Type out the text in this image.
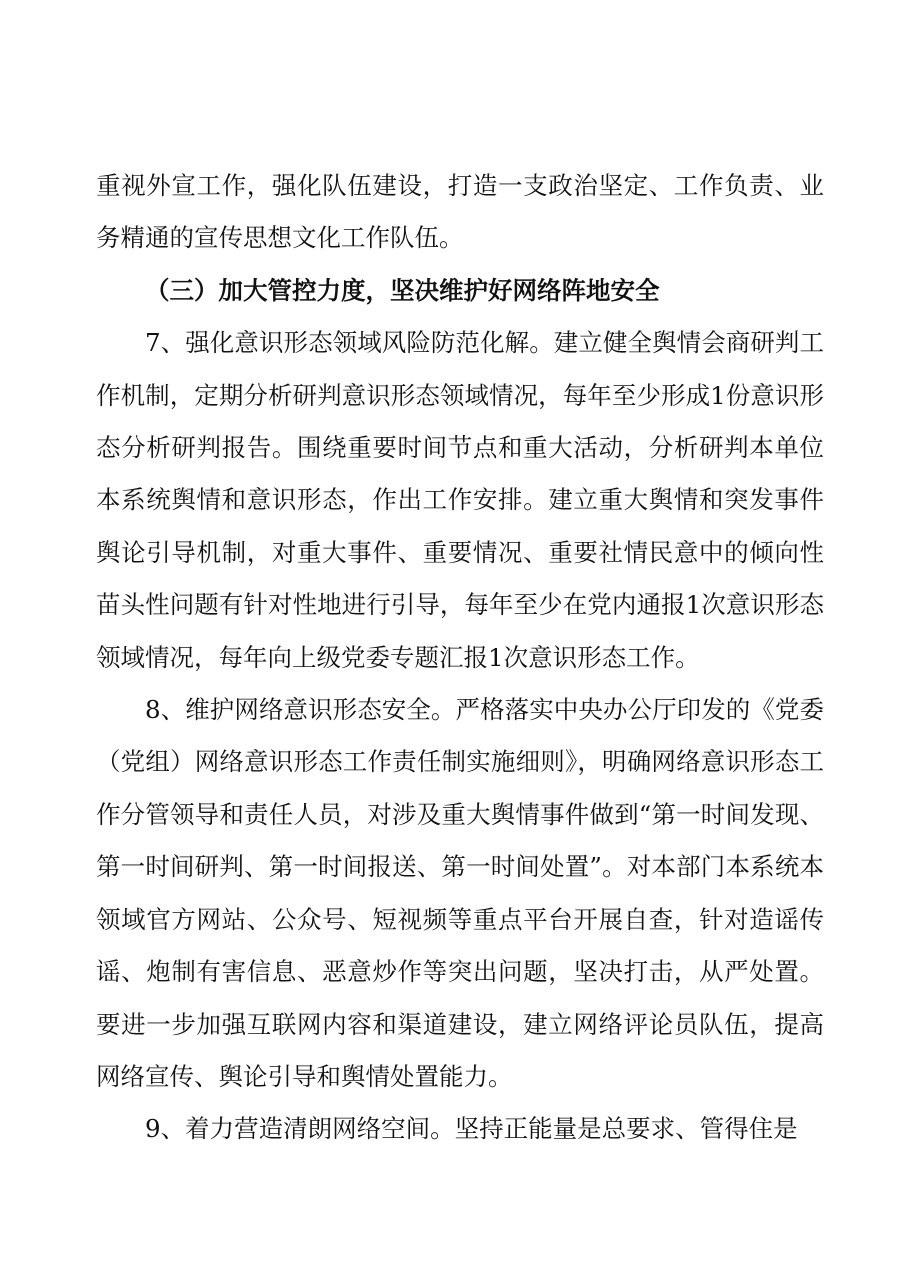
重视外宣工作，强化队伍建设，打造一支政治坚定、工作负责、业务精通的宣传思想文化工作队伍。

（三）加大管控力度，坚决维护好网络阵地安全

7、强化意识形态领域风险防范化解。建立健全舆情会商研判工作机制，定期分析研判意识形态领域情况，每年至少形成1份意识形态分析研判报告。围绕重要时间节点和重大活动，分析研判本单位本系统舆情和意识形态，作出工作安排。建立重大舆情和突发事件舆论引导机制，对重大事件、重要情况、重要社情民意中的倾向性苗头性问题有针对性地进行引导，每年至少在党内通报1次意识形态领域情况，每年向上级党委专题汇报1次意识形态工作。

8、维护网络意识形态安全。严格落实中央办公厅印发的《党委（党组）网络意识形态工作责任制实施细则》，明确网络意识形态工作分管领导和责任人员，对涉及重大舆情事件做到“第一时间发现、第一时间研判、第一时间报送、第一时间处置”。对本部门本系统本领域官方网站、公众号、短视频等重点平台开展自查，针对造谣传谣、炮制有害信息、恶意炒作等突出问题，坚决打击，从严处置。要进一步加强互联网内容和渠道建设，建立网络评论员队伍，提高网络宣传、舆论引导和舆情处置能力。

9、着力营造清朗网络空间。坚持正能量是总要求、管得住是
